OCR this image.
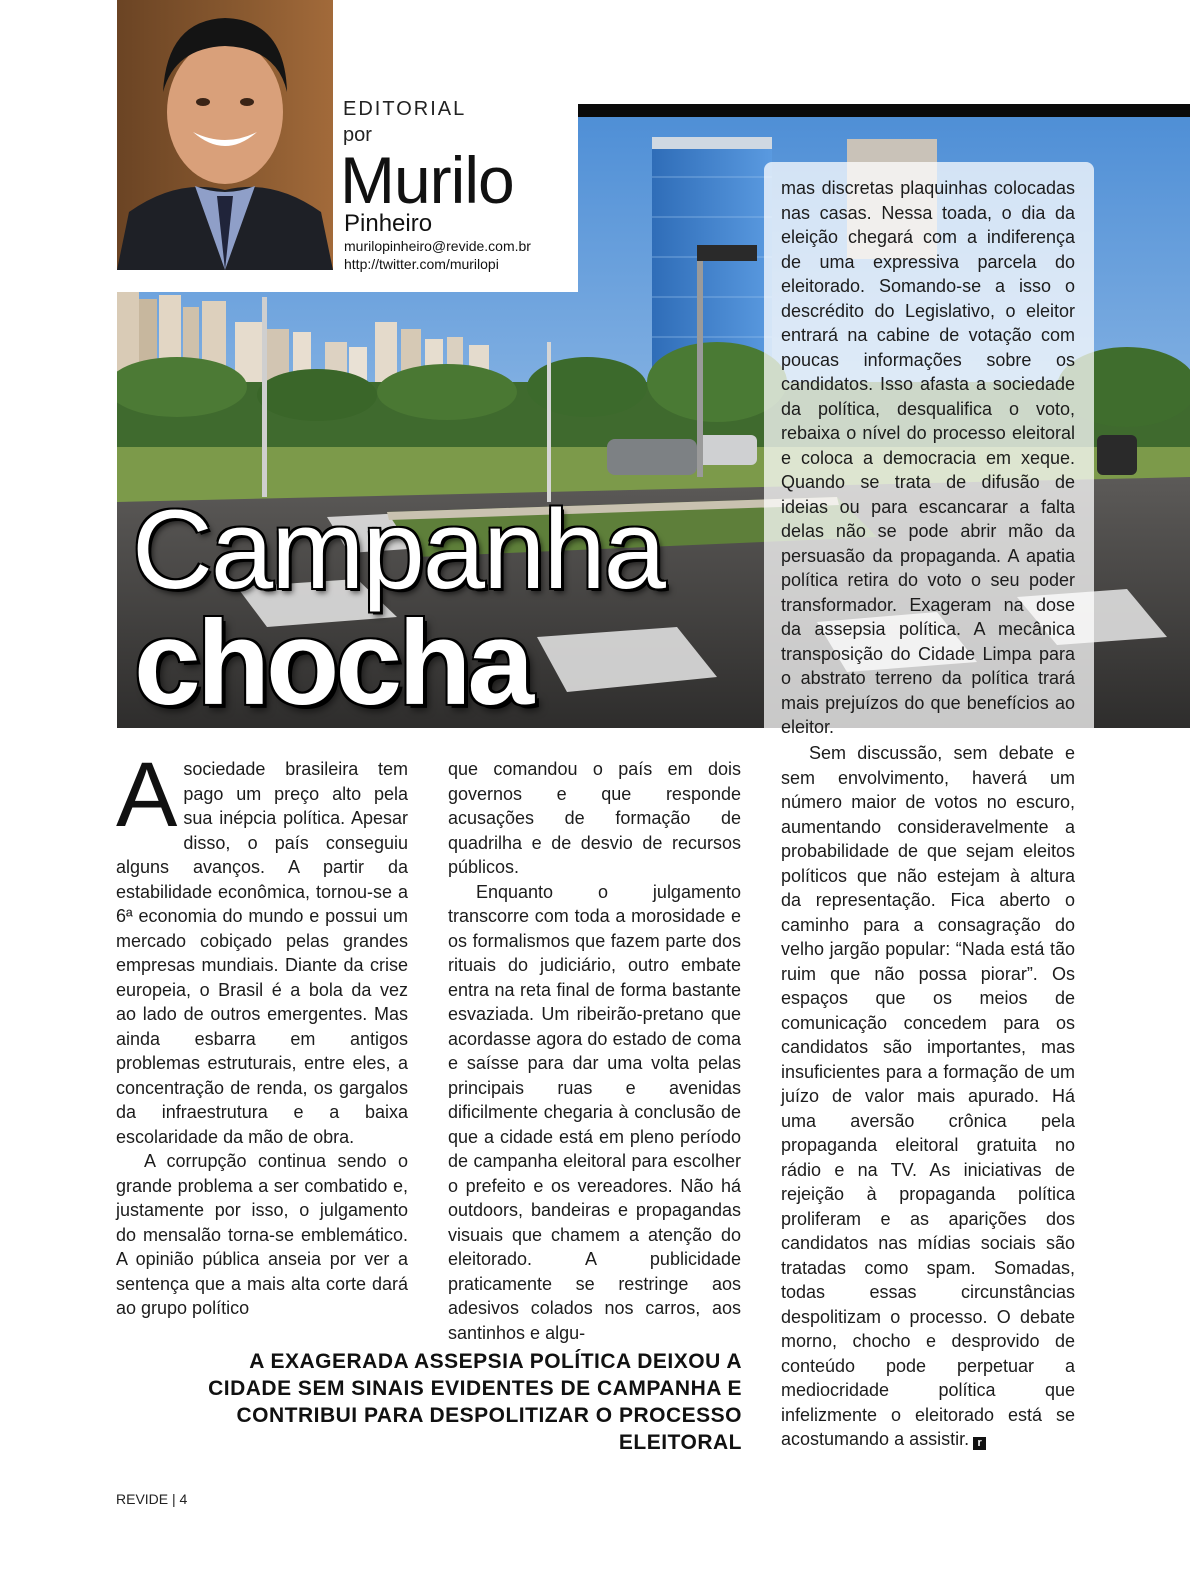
EDITORIAL
por
Murilo
Pinheiro
murilopinheiro@revide.com.br
http://twitter.com/murilopi
Campanha
chocha

mas discretas plaquinhas colocadas nas casas. Nessa toada, o dia da eleição chegará com a indiferença de uma expressiva parcela do eleitorado. Somando-se a isso o descrédito do Legislativo, o eleitor entrará na cabine de votação com poucas informações sobre os candidatos. Isso afasta a sociedade da política, desqualifica o voto, rebaixa o nível do processo eleitoral e coloca a democracia em xeque. Quando se trata de difusão de ideias ou para escancarar a falta delas não se pode abrir mão da persuasão da propaganda. A apatia política retira do voto o seu poder transformador. Exageram na dose da assepsia política. A mecânica transposição do Cidade Limpa para o abstrato terreno da política trará mais prejuízos do que benefícios ao eleitor.

Sem discussão, sem debate e sem envolvimento, haverá um número maior de votos no escuro, aumentando consideravelmente a probabilidade de que sejam eleitos políticos que não estejam à altura da representação. Fica aberto o caminho para a consagração do velho jargão popular: “Nada está tão ruim que não possa piorar”. Os espaços que os meios de comunicação concedem para os candidatos são importantes, mas insuficientes para a formação de um juízo de valor mais apurado. Há uma aversão crônica pela propaganda eleitoral gratuita no rádio e na TV. As iniciativas de rejeição à propaganda política proliferam e as aparições dos candidatos nas mídias sociais são tratadas como spam. Somadas, todas essas circunstâncias despolitizam o processo. O debate morno, chocho e desprovido de conteúdo pode perpetuar a mediocridade política que infelizmente o eleitorado está se acostumando a assistir. r

Asociedade brasileira tem pago um preço alto pela sua inépcia política. Apesar disso, o país conseguiu alguns avanços. A partir da estabilidade econômica, tornou-se a 6ª economia do mundo e possui um mercado cobiçado pelas grandes empresas mundiais. Diante da crise europeia, o Brasil é a bola da vez ao lado de outros emergentes. Mas ainda esbarra em antigos problemas estruturais, entre eles, a concentração de renda, os gargalos da infraestrutura e a baixa escolaridade da mão de obra.

A corrupção continua sendo o grande problema a ser combatido e, justamente por isso, o julgamento do mensalão torna-se emblemático. A opinião pública anseia por ver a sentença que a mais alta corte dará ao grupo político

que comandou o país em dois governos e que responde acusações de formação de quadrilha e de desvio de recursos públicos.

Enquanto o julgamento transcorre com toda a morosidade e os formalismos que fazem parte dos rituais do judiciário, outro embate entra na reta final de forma bastante esvaziada. Um ribeirão-pretano que acordasse agora do estado de coma e saísse para dar uma volta pelas principais ruas e avenidas dificilmente chegaria à conclusão de que a cidade está em pleno período de campanha eleitoral para escolher o prefeito e os vereadores. Não há outdoors, bandeiras e propagandas visuais que chamem a atenção do eleitorado. A publicidade praticamente se restringe aos adesivos colados nos carros, aos santinhos e algu-

A EXAGERADA ASSEPSIA POLÍTICA DEIXOU A CIDADE SEM SINAIS EVIDENTES DE CAMPANHA E CONTRIBUI PARA DESPOLITIZAR O PROCESSO ELEITORAL
REVIDE | 4
